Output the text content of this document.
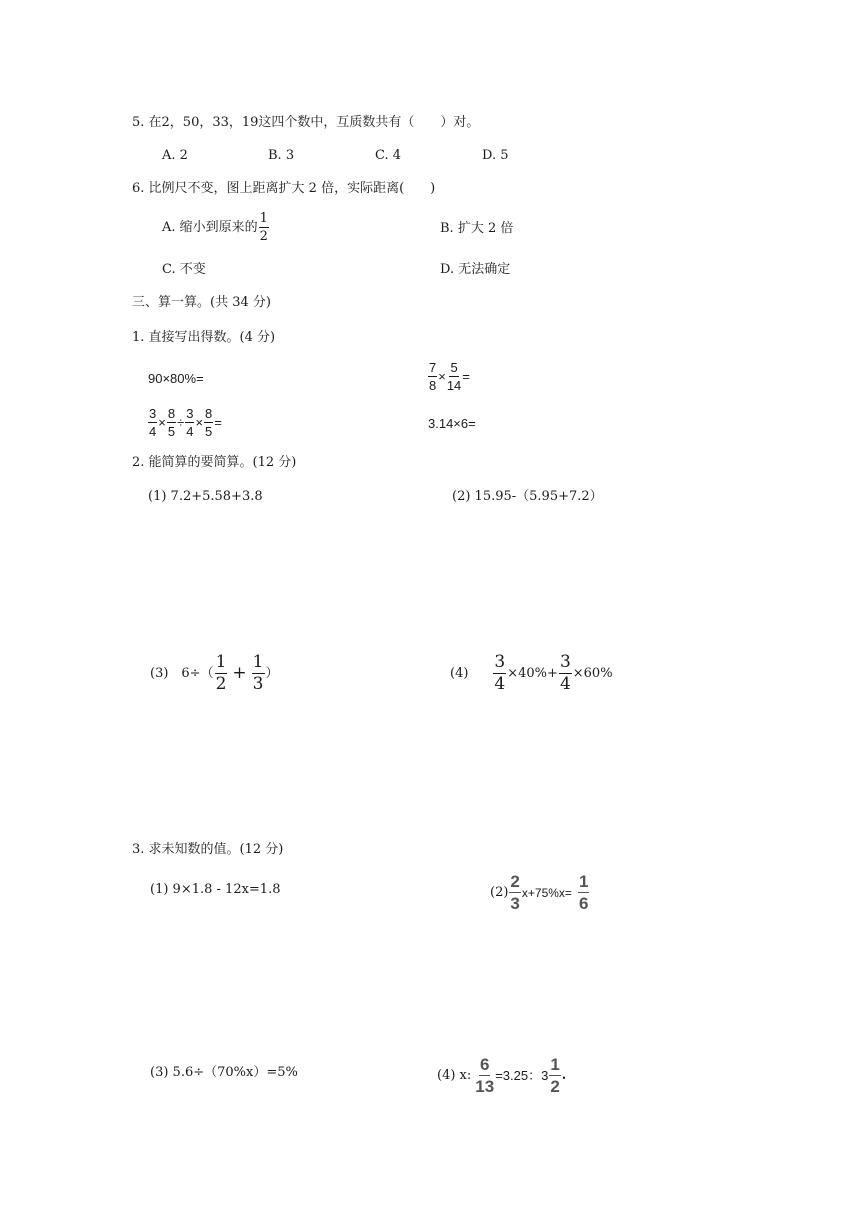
5. 在2，50，33，19这四个数中，互质数共有（　　）对。
A. 2	B. 3	C. 4	D. 5
6. 比例尺不变，图上距离扩大 2 倍，实际距离(　　)
A. 缩小到原来的 $\frac{1}{2}$	B. 扩大 2 倍
C. 不变	D. 无法确定
三、算一算。(共 34 分)
1. 直接写出得数。(4 分)
90×80%=	$\frac{7}{8} \times \frac{5}{14}$ =
$\frac{3}{4} \times \frac{8}{5} \div \frac{3}{4} \times \frac{8}{5}$ =	3.14×6=
2. 能简算的要简算。(12 分)
(1) 7.2+5.58+3.8	(2) 15.95-（5.95+7.2）
(3)　$6\div( \frac{1}{2} + \frac{1}{3}$ ）	$(4) \frac{3}{4} \times 40\%+ \frac{3}{4} \times 60\%$
3. 求未知数的值。(12 分)
(1) 9×1.8 - 12x=1.8	$(2) \frac{2}{3} x+75\%x= \frac{1}{6}$
(3) 5.6÷（70%x）=5%	(4) x: $\frac{6}{13} =3.25$：$3 \frac{1}{2}$ .
